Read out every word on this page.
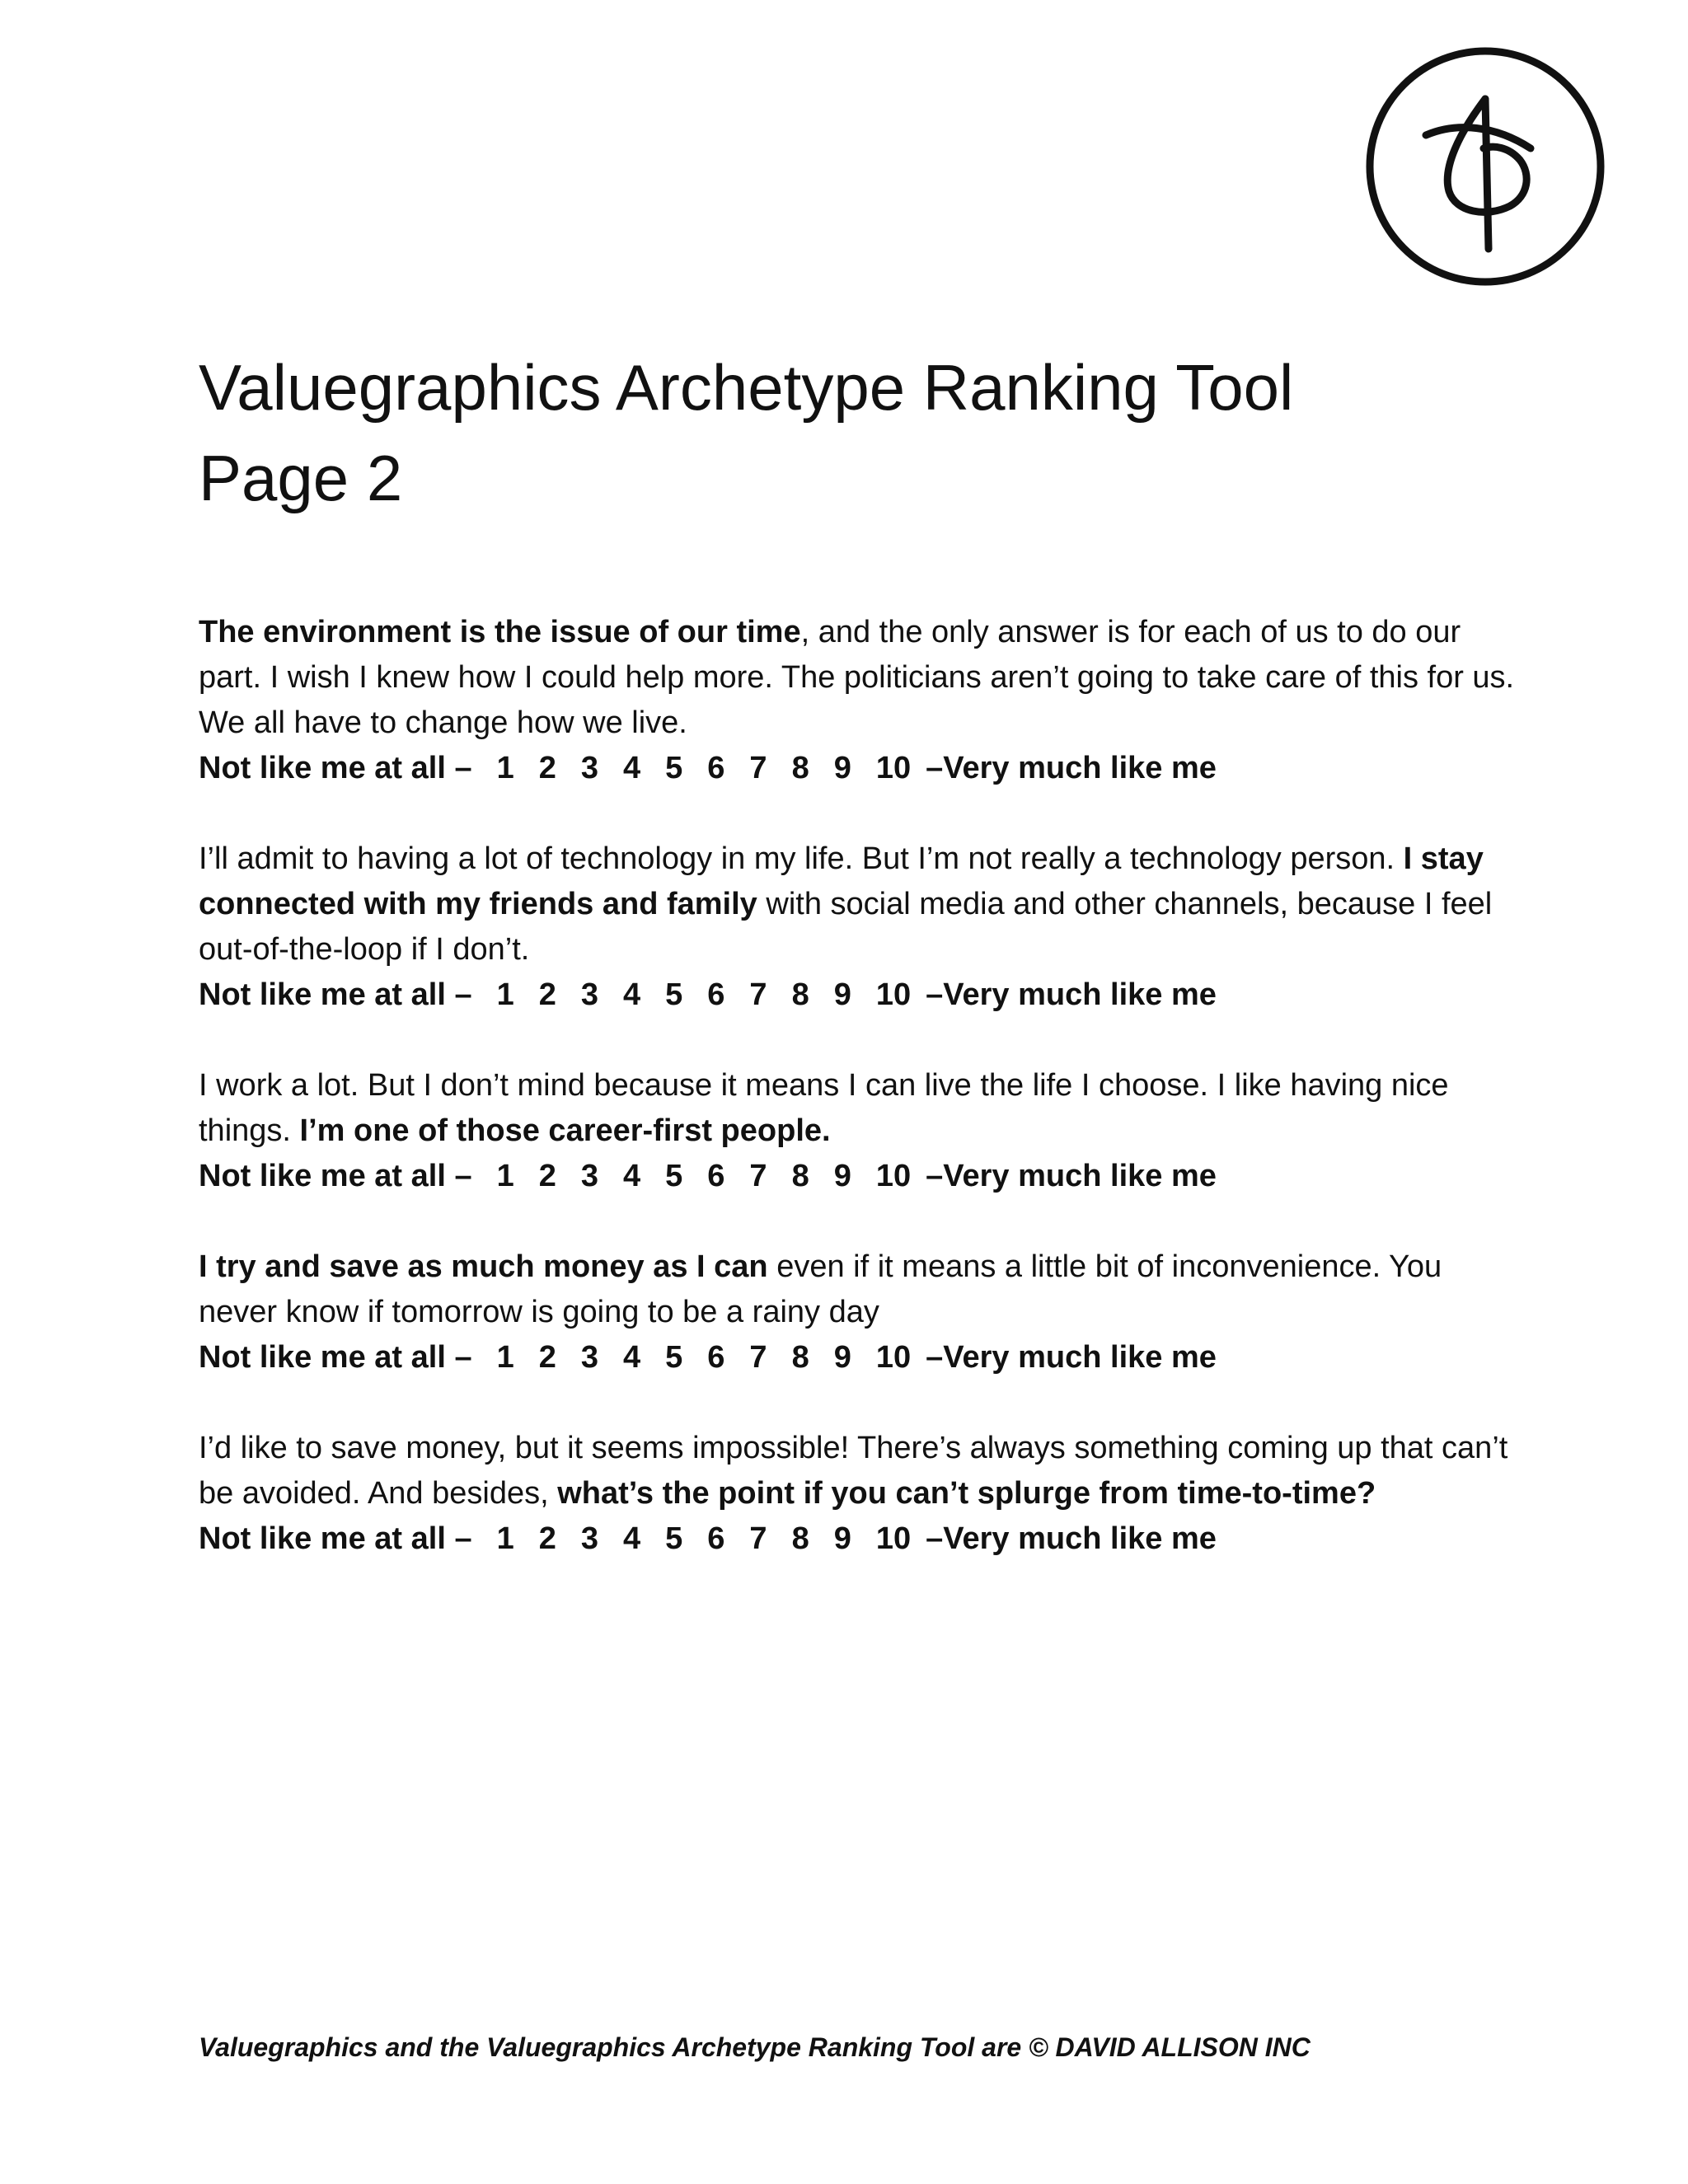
Valuegraphics Archetype Ranking Tool
Page 2

The environment is the issue of our time, and the only answer is for each of us to do our part. I wish I knew how I could help more. The politicians aren’t going to take care of this for us. We all have to change how we live.

Not like me at all – 1 2 3 4 5 6 7 8 9 10 –Very much like me

I’ll admit to having a lot of technology in my life. But I’m not really a technology person. I stay connected with my friends and family with social media and other channels, because I feel out-of-the-loop if I don’t.

Not like me at all – 1 2 3 4 5 6 7 8 9 10 –Very much like me

I work a lot. But I don’t mind because it means I can live the life I choose. I like having nice things. I’m one of those career-first people.

Not like me at all – 1 2 3 4 5 6 7 8 9 10 –Very much like me

I try and save as much money as I can even if it means a little bit of inconvenience. You never know if tomorrow is going to be a rainy day

Not like me at all – 1 2 3 4 5 6 7 8 9 10 –Very much like me

I’d like to save money, but it seems impossible! There’s always something coming up that can’t be avoided. And besides, what’s the point if you can’t splurge from time-to-time?

Not like me at all – 1 2 3 4 5 6 7 8 9 10 –Very much like me
Valuegraphics and the Valuegraphics Archetype Ranking Tool are © DAVID ALLISON INC
